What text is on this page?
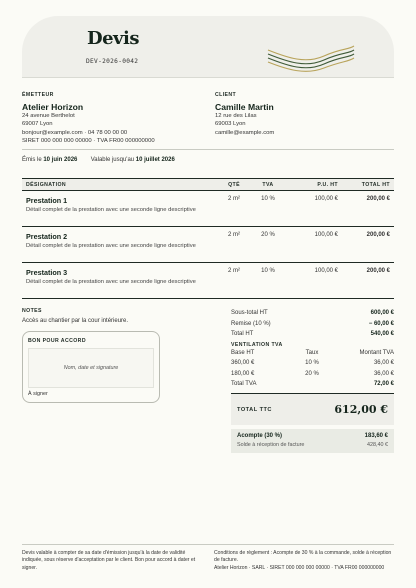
Devis
DEV-2026-0042
ÉMETTEUR
Atelier Horizon
24 avenue Berthelot
69007 Lyon
bonjour@example.com · 04 78 00 00 00
SIRET 000 000 000 00000 · TVA FR00 000000000
CLIENT
Camille Martin
12 rue des Lilas
69003 Lyon
camille@example.com
Émis le 10 juin 2026 Valable jusqu'au 10 juillet 2026
DÉSIGNATION	QTÉ	TVA	P.U. HT	TOTAL HT

Prestation 1
Détail complet de la prestation avec une seconde ligne descriptive	2 m²	10 %	100,00 €	200,00 €

Prestation 2
Détail complet de la prestation avec une seconde ligne descriptive	2 m²	20 %	100,00 €	200,00 €

Prestation 3
Détail complet de la prestation avec une seconde ligne descriptive	2 m²	10 %	100,00 €	200,00 €
NOTES
Accès au chantier par la cour intérieure.
BON POUR ACCORD
Nom, date et signature
À signer
Sous-total HT	600,00 €
Remise (10 %)	− 60,00 €
Total HT	540,00 €
VENTILATION TVA
Base HT	Taux	Montant TVA
360,00 €	10 %	36,00 €
180,00 €	20 %	36,00 €
Total TVA	72,00 €
TOTAL TTC	612,00 €
Acompte (30 %)	183,60 €
Solde à réception de facture	428,40 €
Devis valable à compter de sa date d'émission jusqu'à la date de validité indiquée, sous réserve d'acceptation par le client. Bon pour accord à dater et signer.
Conditions de règlement : Acompte de 30 % à la commande, solde à réception de facture.
Atelier Horizon · SARL · SIRET 000 000 000 00000 · TVA FR00 000000000
